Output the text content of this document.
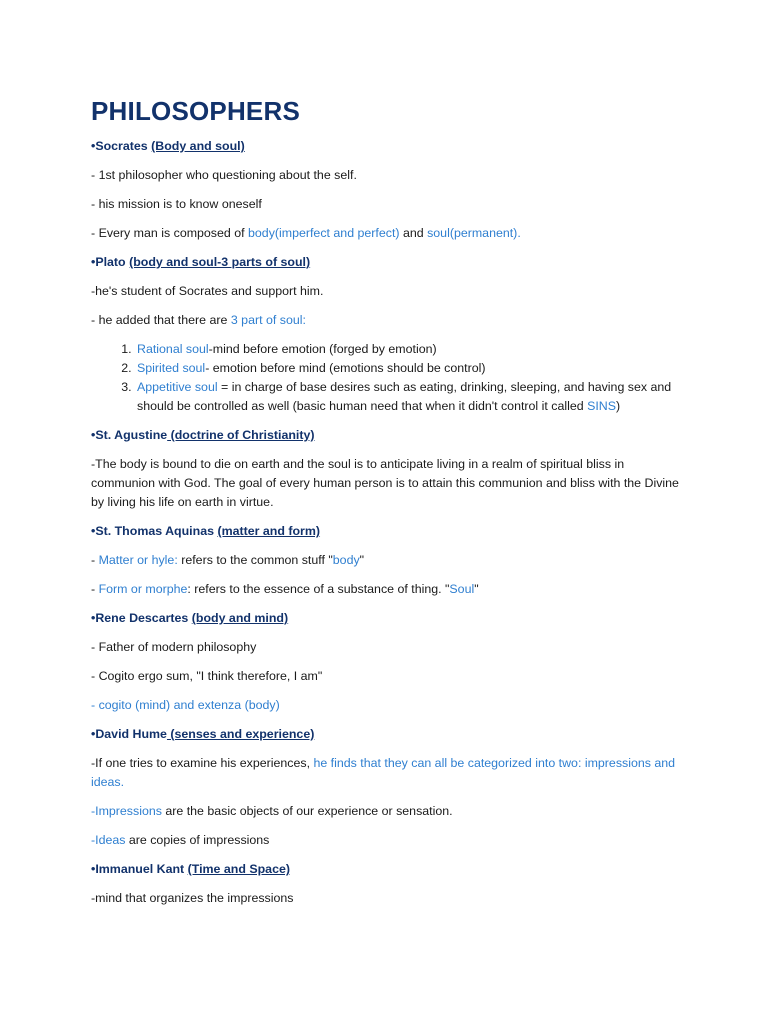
PHILOSOPHERS
•Socrates (Body and soul)
- 1st philosopher who questioning about the self.
- his mission is to know oneself
- Every man is composed of body(imperfect and perfect) and soul(permanent).
•Plato (body and soul-3 parts of soul)
-he's student of Socrates and support him.
- he added that there are 3 part of soul:
1. Rational soul-mind before emotion (forged by emotion)
2. Spirited soul- emotion before mind (emotions should be control)
3. Appetitive soul = in charge of base desires such as eating, drinking, sleeping, and having sex and should be controlled as well (basic human need that when it didn't control it called SINS)
•St. Agustine (doctrine of Christianity)
-The body is bound to die on earth and the soul is to anticipate living in a realm of spiritual bliss in communion with God. The goal of every human person is to attain this communion and bliss with the Divine by living his life on earth in virtue.
•St. Thomas Aquinas (matter and form)
- Matter or hyle: refers to the common stuff "body"
- Form or morphe: refers to the essence of a substance of thing. "Soul"
•Rene Descartes (body and mind)
- Father of modern philosophy
- Cogito ergo sum, "I think therefore, I am"
- cogito (mind) and extenza (body)
•David Hume (senses and experience)
-If one tries to examine his experiences, he finds that they can all be categorized into two: impressions and ideas.
-Impressions are the basic objects of our experience or sensation.
-Ideas are copies of impressions
•Immanuel Kant (Time and Space)
-mind that organizes the impressions
